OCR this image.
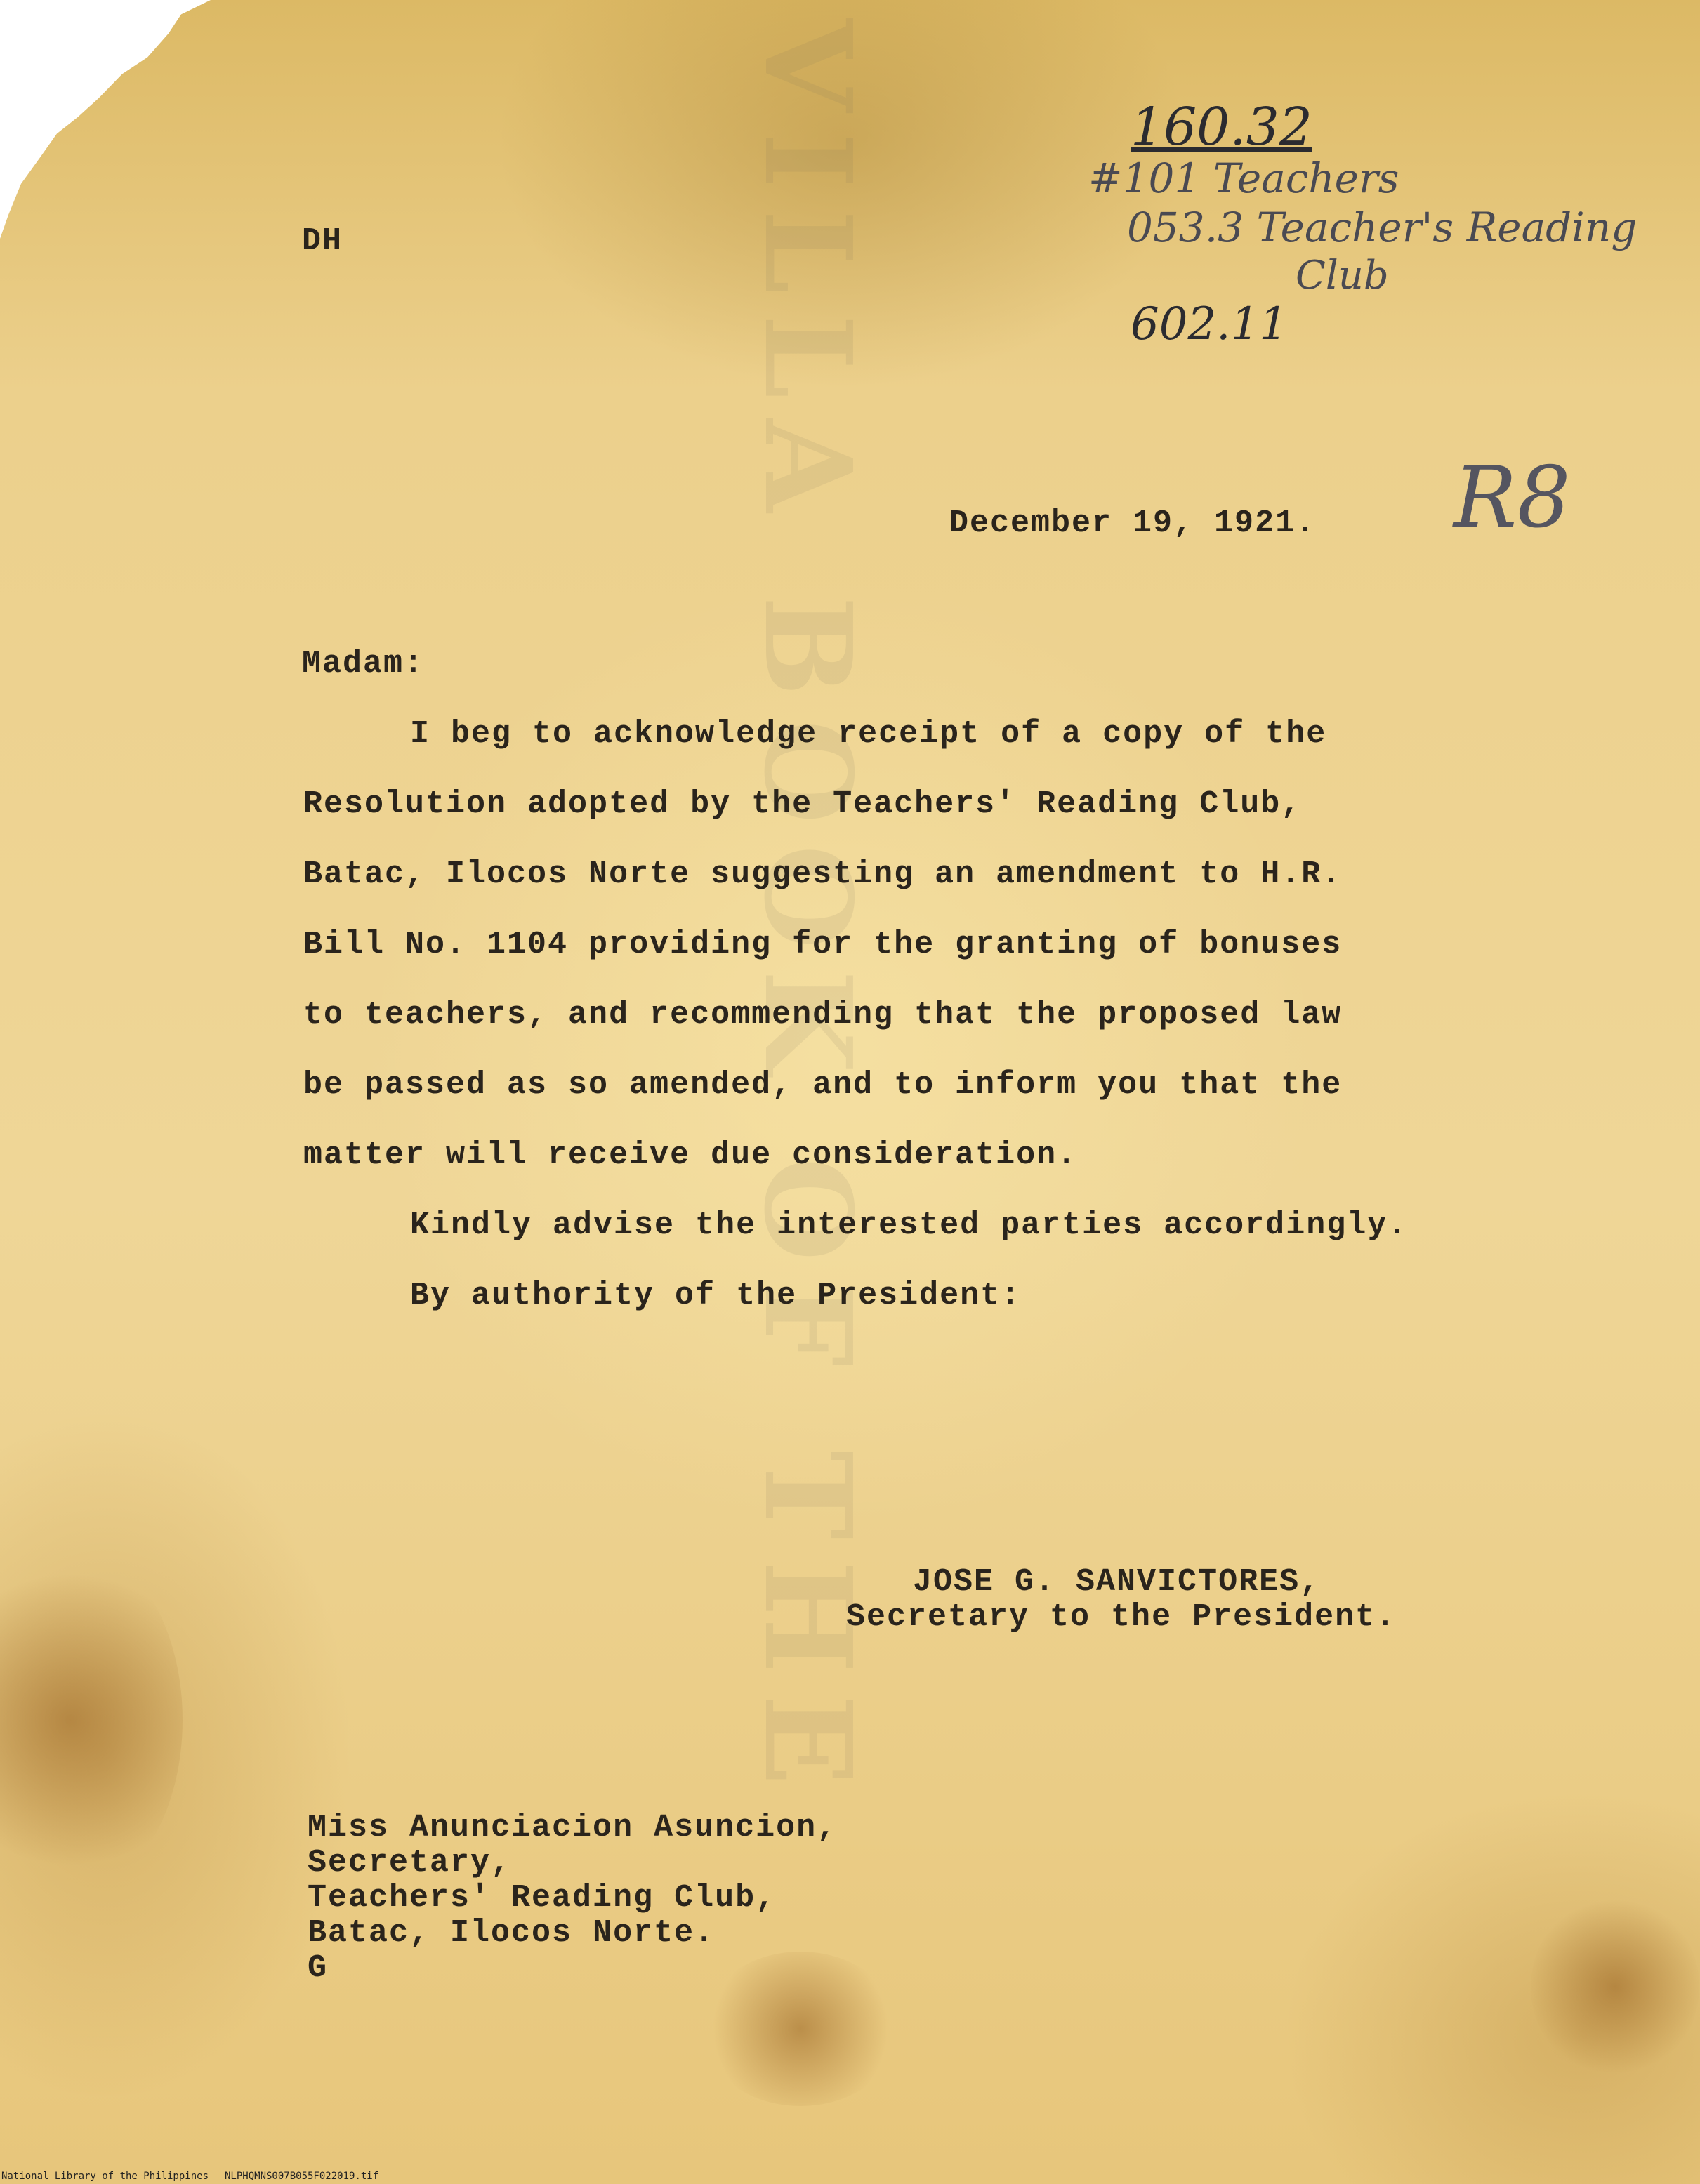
VILLA BOOK OF THE	160.32
#101 Teachers
053.3 Teacher's Reading
Club
602.11
R8
DH
December 19, 1921.
Madam:
I beg to acknowledge receipt of a copy of the
Resolution adopted by the Teachers' Reading Club,
Batac, Ilocos Norte suggesting an amendment to H.R.
Bill No. 1104 providing for the granting of bonuses
to teachers, and recommending that the proposed law
be passed as so amended, and to inform you that the
matter will receive due consideration.
Kindly advise the interested parties accordingly.
By authority of the President:
JOSE G. SANVICTORES,
Secretary to the President.
Miss Anunciacion Asuncion,
Secretary,
Teachers' Reading Club,
Batac, Ilocos Norte.
G
National Library of the Philippines NLPHQMNS007B055F022019.tif
